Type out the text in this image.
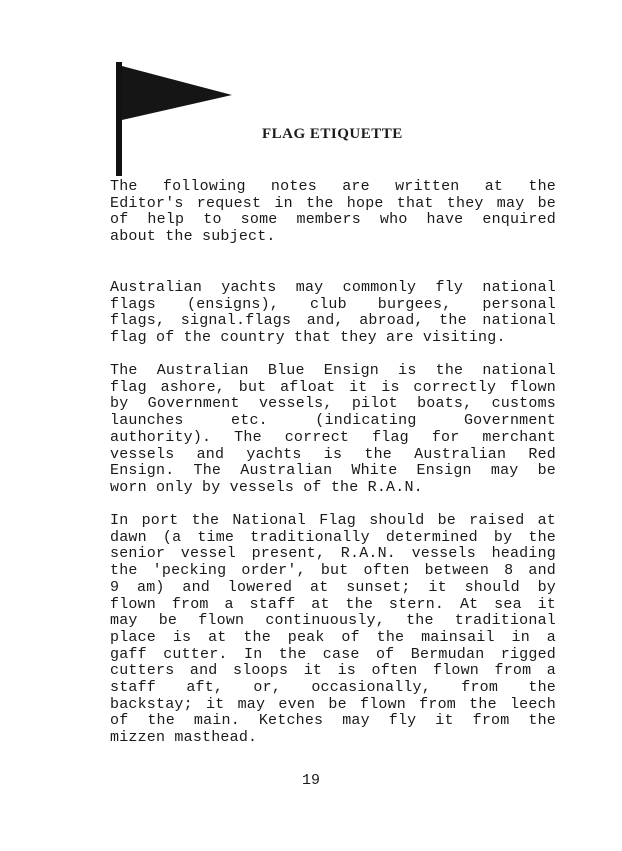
FLAG ETIQUETTE
The following notes are written at the
Editor's request in the hope that they may be
of help to some members who have enquired
about the subject.
Australian yachts may commonly fly national
flags (ensigns), club burgees, personal
flags, signal.flags and, abroad, the national
flag of the country that they are visiting.
The Australian Blue Ensign is the national
flag ashore, but afloat it is correctly flown
by Government vessels, pilot boats, customs
launches etc. (indicating Government
authority). The correct flag for merchant
vessels and yachts is the Australian Red
Ensign. The Australian White Ensign may be
worn only by vessels of the R.A.N.
In port the National Flag should be raised at
dawn (a time traditionally determined by the
senior vessel present, R.A.N. vessels heading
the 'pecking order', but often between 8 and
9 am) and lowered at sunset; it should by
flown from a staff at the stern. At sea it
may be flown continuously, the traditional
place is at the peak of the mainsail in a
gaff cutter. In the case of Bermudan rigged
cutters and sloops it is often flown from a
staff aft, or, occasionally, from the
backstay; it may even be flown from the leech
of the main. Ketches may fly it from the
mizzen masthead.
19
